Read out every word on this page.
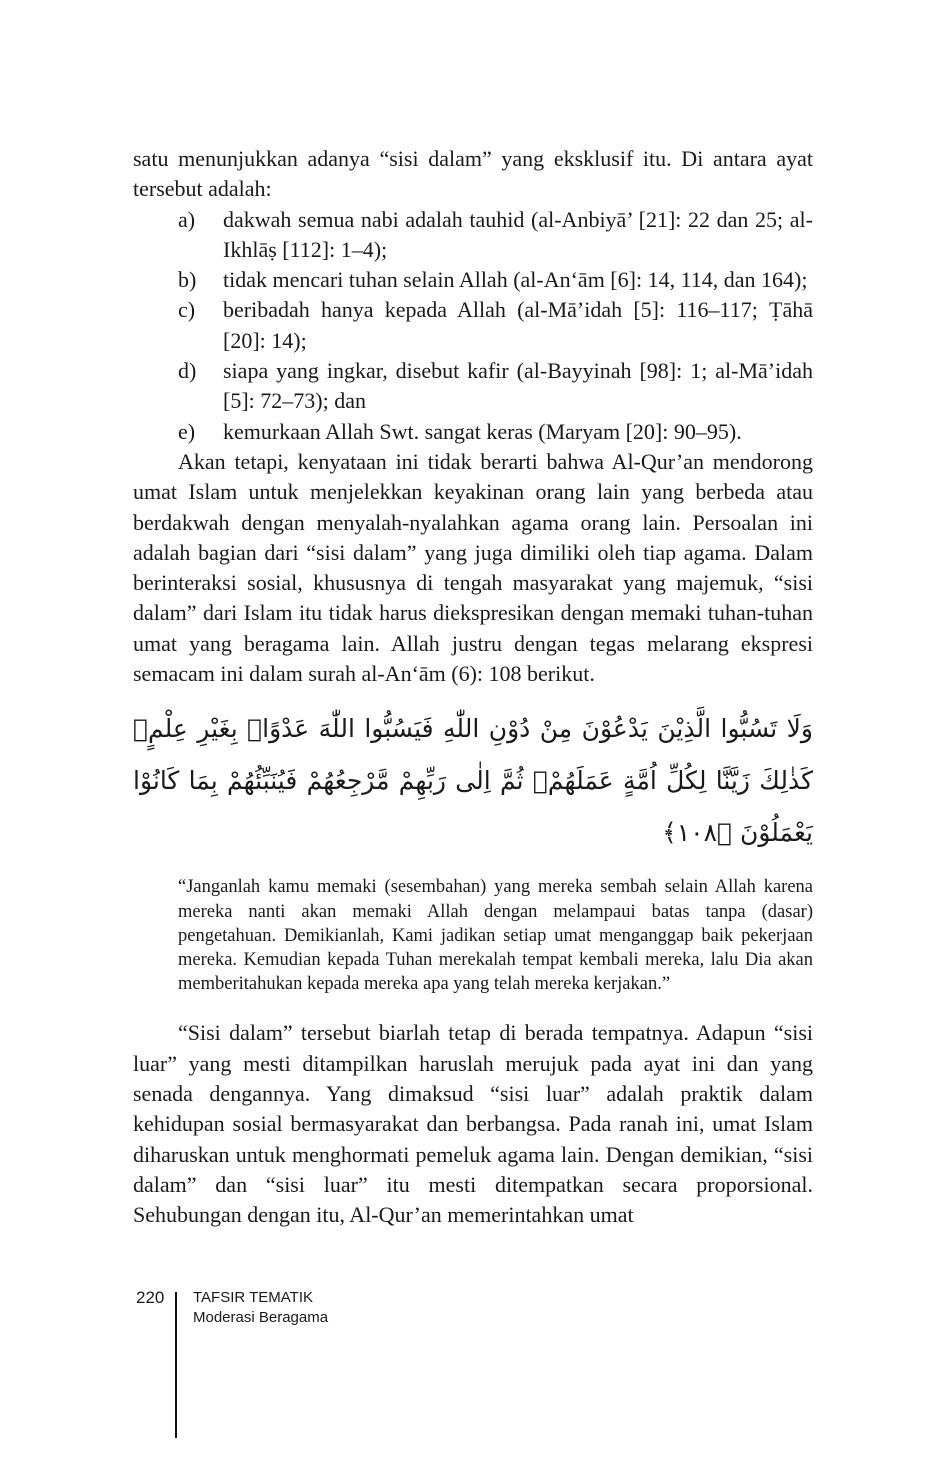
satu menunjukkan adanya “sisi dalam” yang eksklusif itu. Di antara ayat tersebut adalah:

a)	dakwah semua nabi adalah tauhid (al-Anbiyā’ [21]: 22 dan 25; al-Ikhlāṣ [112]: 1–4);
b)	tidak mencari tuhan selain Allah (al-An‘ām [6]: 14, 114, dan 164);
c)	beribadah hanya kepada Allah (al-Mā’idah [5]: 116–117; Ṭāhā [20]: 14);
d)	siapa yang ingkar, disebut kafir (al-Bayyinah [98]: 1; al-Mā’idah [5]: 72–73); dan
e)	kemurkaan Allah Swt. sangat keras (Maryam [20]: 90–95).

Akan tetapi, kenyataan ini tidak berarti bahwa Al-Qur’an mendorong umat Islam untuk menjelekkan keyakinan orang lain yang berbeda atau berdakwah dengan menyalah-nyalahkan agama orang lain. Persoalan ini adalah bagian dari “sisi dalam” yang juga dimiliki oleh tiap agama. Dalam berinteraksi sosial, khususnya di tengah masyarakat yang majemuk, “sisi dalam” dari Islam itu tidak harus diekspresikan dengan memaki tuhan-tuhan umat yang beragama lain. Allah justru dengan tegas melarang ekspresi semacam ini dalam surah al-An‘ām (6): 108 berikut.

وَلَا تَسُبُّوا الَّذِيْنَ يَدْعُوْنَ مِنْ دُوْنِ اللّٰهِ فَيَسُبُّوا اللّٰهَ عَدْوًاۢ بِغَيْرِ عِلْمٍۗ كَذٰلِكَ زَيَّنَّا لِكُلِّ اُمَّةٍ عَمَلَهُمْۖ ثُمَّ اِلٰى رَبِّهِمْ مَّرْجِعُهُمْ فَيُنَبِّئُهُمْ بِمَا كَانُوْا يَعْمَلُوْنَ ﴿١٠٨﴾
“Janganlah kamu memaki (sesembahan) yang mereka sembah selain Allah karena mereka nanti akan memaki Allah dengan melampaui batas tanpa (dasar) pengetahuan. Demikianlah, Kami jadikan setiap umat menganggap baik pekerjaan mereka. Kemudian kepada Tuhan merekalah tempat kembali mereka, lalu Dia akan memberitahukan kepada mereka apa yang telah mereka kerjakan.”

“Sisi dalam” tersebut biarlah tetap di berada tempatnya. Adapun “sisi luar” yang mesti ditampilkan haruslah merujuk pada ayat ini dan yang senada dengannya. Yang dimaksud “sisi luar” adalah praktik dalam kehidupan sosial bermasyarakat dan berbangsa. Pada ranah ini, umat Islam diharuskan untuk menghormati pemeluk agama lain. Dengan demikian, “sisi dalam” dan “sisi luar” itu mesti ditempatkan secara proporsional. Sehubungan dengan itu, Al-Qur’an memerintahkan umat

220 TAFSIR TEMATIK
Moderasi Beragama
